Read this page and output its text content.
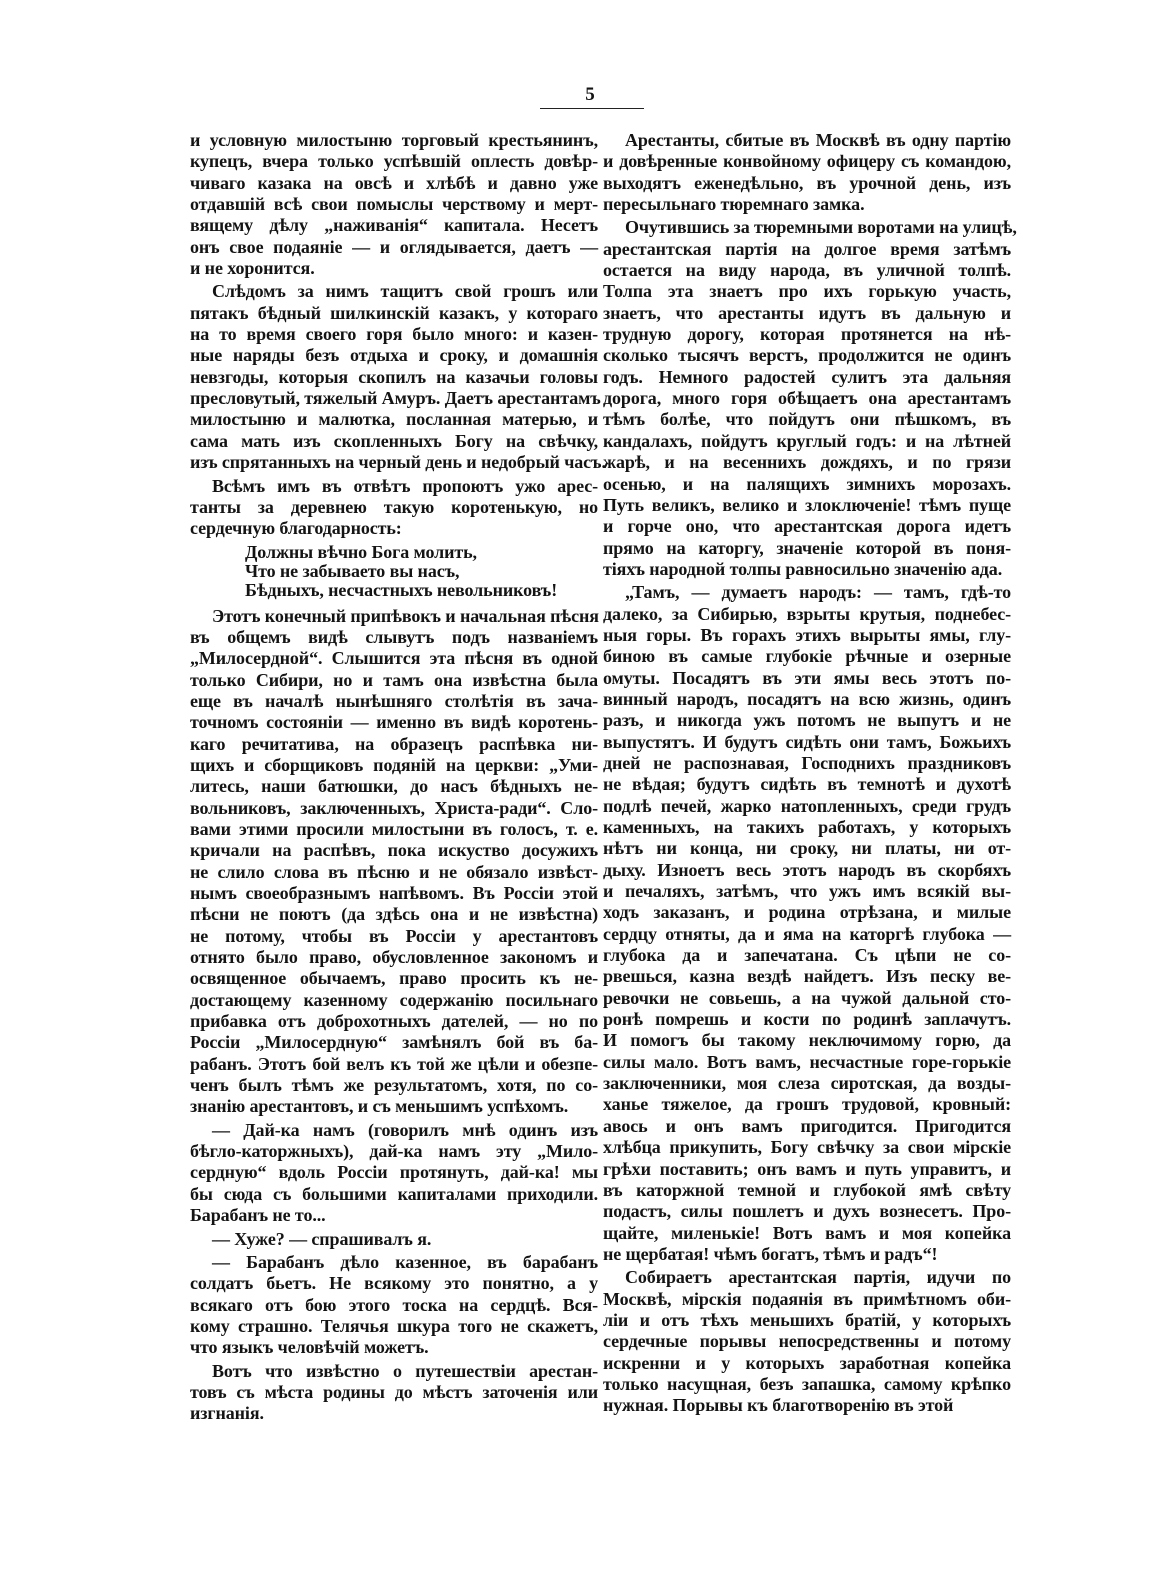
5
и условную милостыню торговый крестьянинъ,
купецъ, вчера только успѣвшій оплесть довѣр-
чиваго казака на овсѣ и хлѣбѣ и давно уже
отдавшій всѣ свои помыслы черствому и мерт-
вящему дѣлу „наживанія“ капитала. Несетъ
онъ свое подаяніе — и оглядывается, даетъ —
и не хоронится.
Слѣдомъ за нимъ тащитъ свой грошъ или
пятакъ бѣдный шилкинскій казакъ, у котораго
на то время своего горя было много: и казен-
ные наряды безъ отдыха и сроку, и домашнія
невзгоды, которыя скопилъ на казачьи головы
пресловутый, тяжелый Амуръ. Даетъ арестантамъ
милостыню и малютка, посланная матерью, и
сама мать изъ скопленныхъ Богу на свѣчку,
изъ спрятанныхъ на черный день и недобрый часъ.
Всѣмъ имъ въ отвѣтъ пропоютъ ужо арес-
танты за деревнею такую коротенькую, но
сердечную благодарность:
Должны вѣчно Бога молить,
Что не забываето вы насъ,
Бѣдныхъ, несчастныхъ невольниковъ!
Этотъ конечный припѣвокъ и начальная пѣсня
въ общемъ видѣ слывутъ подъ названіемъ
„Милосердной“. Слышится эта пѣсня въ одной
только Сибири, но и тамъ она извѣстна была
еще въ началѣ нынѣшняго столѣтія въ зача-
точномъ состояніи — именно въ видѣ коротень-
каго речитатива, на образецъ распѣвка ни-
щихъ и сборщиковъ подяній на церкви: „Уми-
литесь, наши батюшки, до насъ бѣдныхъ не-
вольниковъ, заключенныхъ, Христа-ради“. Сло-
вами этими просили милостыни въ голосъ, т. е.
кричали на распѣвъ, пока искуство досужихъ
не слило слова въ пѣсню и не обязало извѣст-
нымъ своеобразнымъ напѣвомъ. Въ Россіи этой
пѣсни не поютъ (да здѣсь она и не извѣстна)
не потому, чтобы въ Россіи у арестантовъ
отнято было право, обусловленное закономъ и
освященное обычаемъ, право просить къ не-
достающему казенному содержанію посильнаго
прибавка отъ доброхотныхъ дателей, — но по
Россіи „Милосердную“ замѣнялъ бой въ ба-
рабанъ. Этотъ бой велъ къ той же цѣли и обезпе-
ченъ былъ тѣмъ же результатомъ, хотя, по со-
знанію арестантовъ, и съ меньшимъ успѣхомъ.
— Дай-ка намъ (говорилъ мнѣ одинъ изъ
бѣгло-каторжныхъ), дай-ка намъ эту „Мило-
сердную“ вдоль Россіи протянуть, дай-ка! мы
бы сюда съ большими капиталами приходили.
Барабанъ не то...
— Хуже? — спрашивалъ я.
— Барабанъ дѣло казенное, въ барабанъ
солдатъ бьетъ. Не всякому это понятно, а у
всякаго отъ бою этого тоска на сердцѣ. Вся-
кому страшно. Телячья шкура того не скажетъ,
что языкъ человѣчій можетъ.
Вотъ что извѣстно о путешествіи арестан-
товъ съ мѣста родины до мѣстъ заточенія или
изгнанія.
Арестанты, сбитые въ Москвѣ въ одну партію
и довѣренные конвойному офицеру съ командою,
выходятъ еженедѣльно, въ урочной день, изъ
пересыльнаго тюремнаго замка.
Очутившись за тюремными воротами на улицѣ,
арестантская партія на долгое время затѣмъ
остается на виду народа, въ уличной толпѣ.
Толпа эта знаетъ про ихъ горькую участь,
знаетъ, что арестанты идутъ въ дальную и
трудную дорогу, которая протянется на нѣ-
сколько тысячъ верстъ, продолжится не одинъ
годъ. Немного радостей сулитъ эта дальняя
дорога, много горя обѣщаетъ она арестантамъ
тѣмъ болѣе, что пойдутъ они пѣшкомъ, въ
кандалахъ, пойдутъ круглый годъ: и на лѣтней
жарѣ, и на весеннихъ дождяхъ, и по грязи
осенью, и на палящихъ зимнихъ морозахъ.
Путь великъ, велико и злоключеніе! тѣмъ пуще
и горче оно, что арестантская дорога идетъ
прямо на каторгу, значеніе которой въ поня-
тіяхъ народной толпы равносильно значенію ада.
„Тамъ, — думаетъ народъ: — тамъ, гдѣ-то
далеко, за Сибирью, взрыты крутыя, поднебес-
ныя горы. Въ горахъ этихъ вырыты ямы, глу-
биною въ самые глубокіе рѣчные и озерные
омуты. Посадятъ въ эти ямы весь этотъ по-
винный народъ, посадятъ на всю жизнь, одинъ
разъ, и никогда ужъ потомъ не выпутъ и не
выпустятъ. И будутъ сидѣть они тамъ, Божьихъ
дней не распознавая, Господнихъ праздниковъ
не вѣдая; будутъ сидѣть въ темнотѣ и духотѣ
подлѣ печей, жарко натопленныхъ, среди грудъ
каменныхъ, на такихъ работахъ, у которыхъ
нѣтъ ни конца, ни сроку, ни платы, ни от-
дыху. Изноетъ весь этотъ народъ въ скорбяхъ
и печаляхъ, затѣмъ, что ужъ имъ всякій вы-
ходъ заказанъ, и родина отрѣзана, и милые
сердцу отняты, да и яма на каторгѣ глубока —
глубока да и запечатана. Съ цѣпи не со-
рвешься, казна вездѣ найдетъ. Изъ песку ве-
ревочки не совьешь, а на чужой дальной сто-
ронѣ помрешь и кости по родинѣ заплачутъ.
И помогъ бы такому неключимому горю, да
силы мало. Вотъ вамъ, несчастные горе-горькіе
заключенники, моя слеза сиротская, да возды-
ханье тяжелое, да грошъ трудовой, кровный:
авось и онъ вамъ пригодится. Пригодится
хлѣбца прикупить, Богу свѣчку за свои мірскіе
грѣхи поставить; онъ вамъ и путь управитъ, и
въ каторжной темной и глубокой ямѣ свѣту
подастъ, силы пошлетъ и духъ вознесетъ. Про-
щайте, миленькіе! Вотъ вамъ и моя копейка
не щербатая! чѣмъ богатъ, тѣмъ и радъ“!
Собираетъ арестантская партія, идучи по
Москвѣ, мірскія подаянія въ примѣтномъ оби-
ліи и отъ тѣхъ меньшихъ братій, у которыхъ
сердечные порывы непосредственны и потому
искренни и у которыхъ заработная копейка
только насущная, безъ запашка, самому крѣпко
нужная. Порывы къ благотворенію въ этой
